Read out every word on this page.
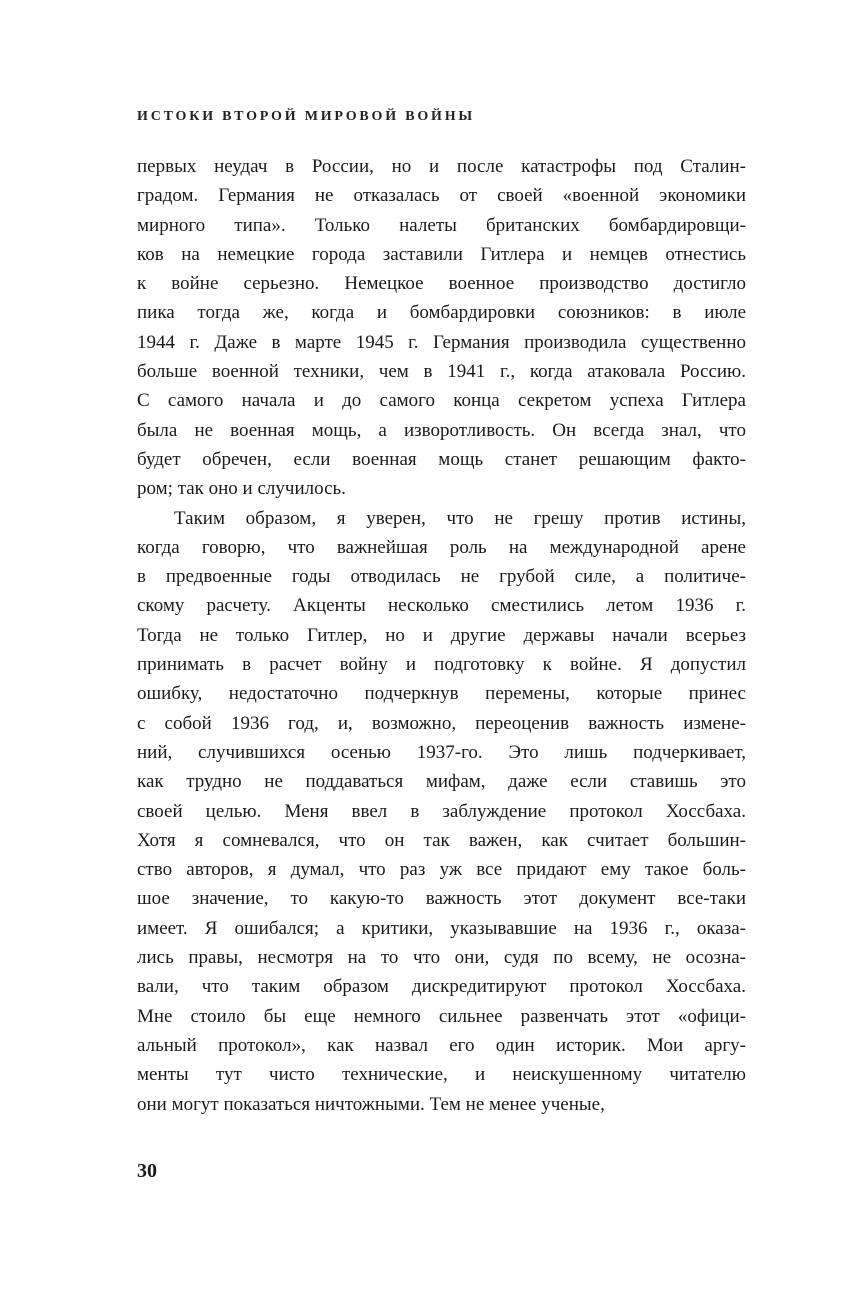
ИСТОКИ ВТОРОЙ МИРОВОЙ ВОЙНЫ
первых неудач в России, но и после катастрофы под Сталин-
градом. Германия не отказалась от своей «военной экономики
мирного типа». Только налеты британских бомбардировщи-
ков на немецкие города заставили Гитлера и немцев отнестись
к войне серьезно. Немецкое военное производство достигло
пика тогда же, когда и бомбардировки союзников: в июле
1944 г. Даже в марте 1945 г. Германия производила существенно
больше военной техники, чем в 1941 г., когда атаковала Россию.
С самого начала и до самого конца секретом успеха Гитлера
была не военная мощь, а изворотливость. Он всегда знал, что
будет обречен, если военная мощь станет решающим факто-
ром; так оно и случилось.
Таким образом, я уверен, что не грешу против истины,
когда говорю, что важнейшая роль на международной арене
в предвоенные годы отводилась не грубой силе, а политиче-
скому расчету. Акценты несколько сместились летом 1936 г.
Тогда не только Гитлер, но и другие державы начали всерьез
принимать в расчет войну и подготовку к войне. Я допустил
ошибку, недостаточно подчеркнув перемены, которые принес
с собой 1936 год, и, возможно, переоценив важность измене-
ний, случившихся осенью 1937-го. Это лишь подчеркивает,
как трудно не поддаваться мифам, даже если ставишь это
своей целью. Меня ввел в заблуждение протокол Хоссбаха.
Хотя я сомневался, что он так важен, как считает большин-
ство авторов, я думал, что раз уж все придают ему такое боль-
шое значение, то какую-то важность этот документ все-таки
имеет. Я ошибался; а критики, указывавшие на 1936 г., оказа-
лись правы, несмотря на то что они, судя по всему, не осозна-
вали, что таким образом дискредитируют протокол Хоссбаха.
Мне стоило бы еще немного сильнее развенчать этот «офици-
альный протокол», как назвал его один историк. Мои аргу-
менты тут чисто технические, и неискушенному читателю
они могут показаться ничтожными. Тем не менее ученые,
30
